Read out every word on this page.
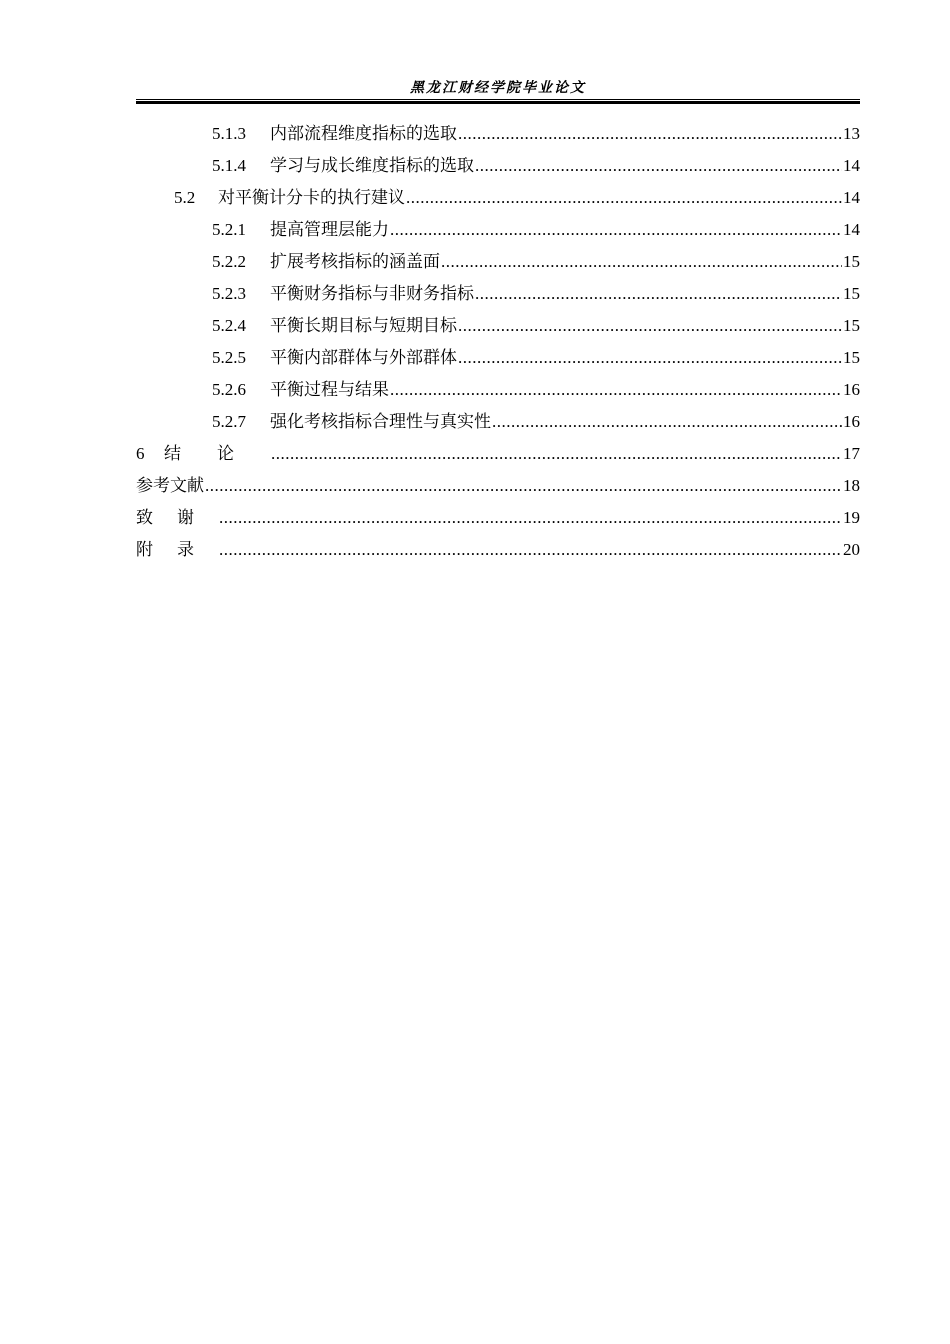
黑龙江财经学院毕业论文
5.1.3	内部流程维度指标的选取 .....	13
5.1.4	学习与成长维度指标的选取 .....	14
5.2	对平衡计分卡的执行建议 .....	14
5.2.1	提高管理层能力 .....	14
5.2.2	扩展考核指标的涵盖面 .....	15
5.2.3	平衡财务指标与非财务指标 .....	15
5.2.4	平衡长期目标与短期目标 .....	15
5.2.5	平衡内部群体与外部群体 .....	15
5.2.6	平衡过程与结果 .....	16
5.2.7	强化考核指标合理性与真实性 .....	16
6	结论 .....	17
参考文献 .....	18
致谢 .....	19
附录 .....	20
